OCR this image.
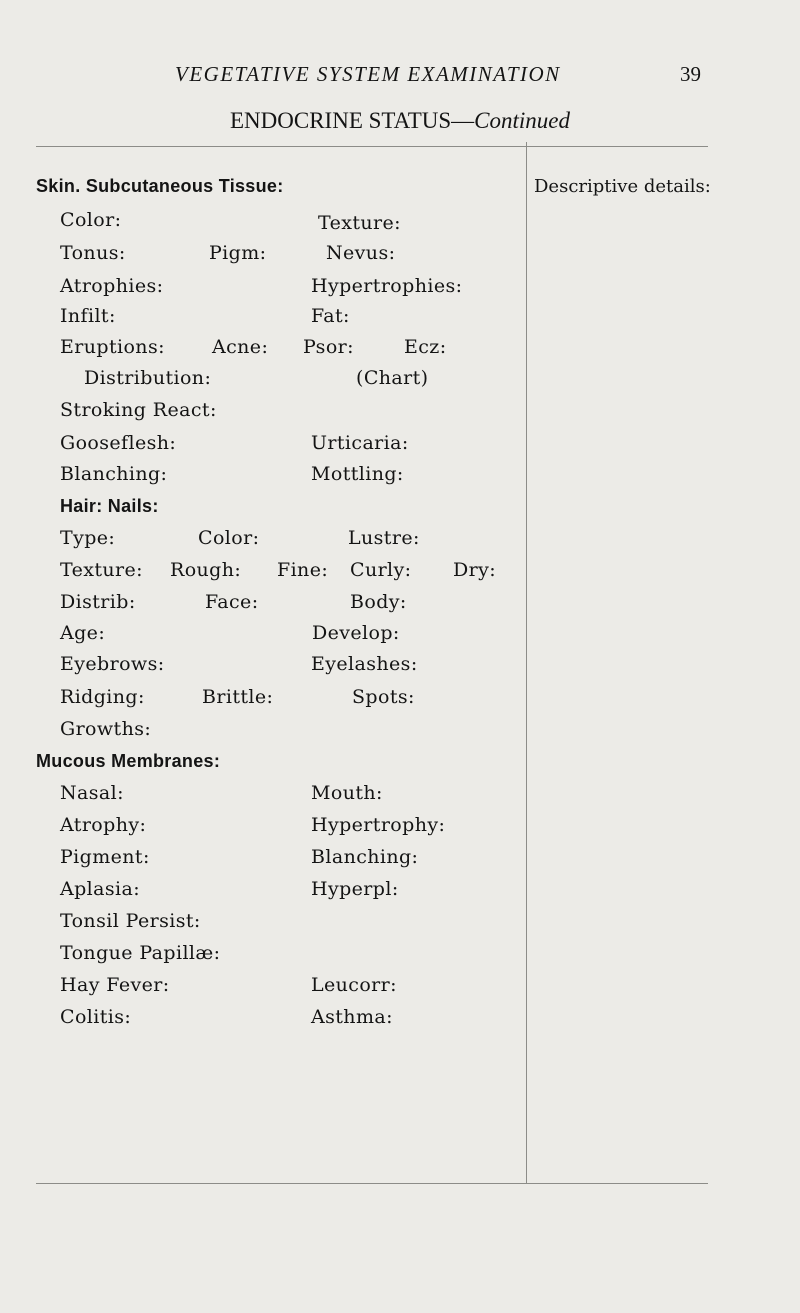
VEGETATIVE SYSTEM EXAMINATION	39
ENDOCRINE STATUS—Continued
Descriptive details:
Skin. Subcutaneous Tissue:
Color:	Texture:
Tonus:	Pigm:	Nevus:
Atrophies:	Hypertrophies:
Infilt:	Fat:
Eruptions: Acne: Psor:	Ecz:
Distribution:	(Chart)
Stroking React:
Gooseflesh:	Urticaria:
Blanching:	Mottling:
Hair: Nails:
Type:	Color:	Lustre:
Texture: Rough: Fine: Curly: Dry:
Distrib:	Face:	Body:
Age:	Develop:
Eyebrows:	Eyelashes:
Ridging:	Brittle:	Spots:
Growths:
Mucous Membranes:
Nasal:	Mouth:
Atrophy:	Hypertrophy:
Pigment:	Blanching:
Aplasia:	Hyperpl:
Tonsil Persist:
Tongue Papillæ:
Hay Fever:	Leucorr:
Colitis:	Asthma:
